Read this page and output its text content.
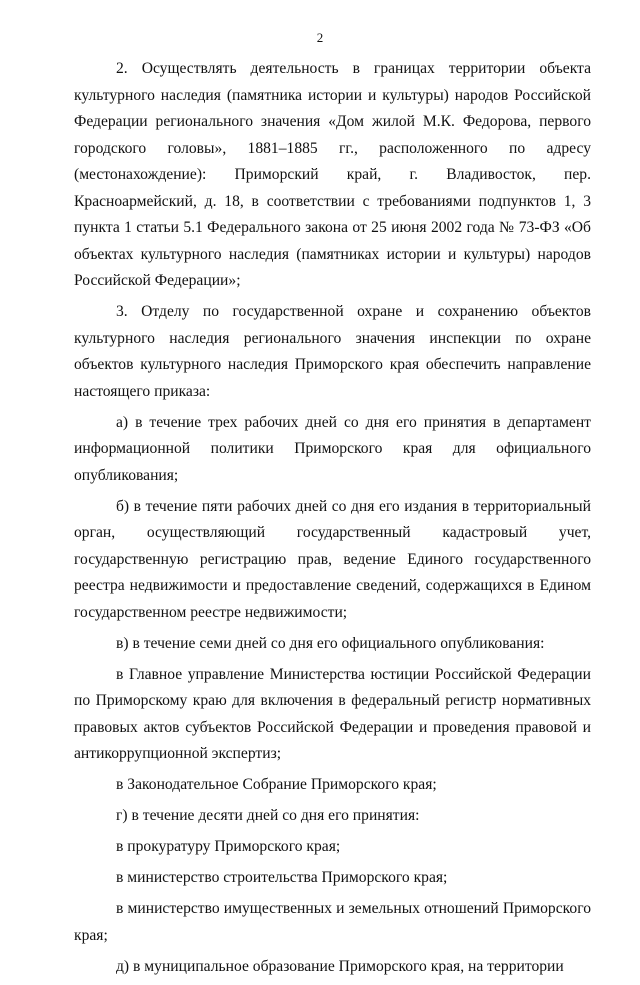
2

2. Осуществлять деятельность в границах территории объекта культурного наследия (памятника истории и культуры) народов Российской Федерации регионального значения «Дом жилой М.К. Федорова, первого городского головы», 1881–1885 гг., расположенного по адресу (местонахождение): Приморский край, г. Владивосток, пер. Красноармейский, д. 18, в соответствии с требованиями подпунктов 1, 3 пункта 1 статьи 5.1 Федерального закона от 25 июня 2002 года № 73-ФЗ «Об объектах культурного наследия (памятниках истории и культуры) народов Российской Федерации»;

3. Отделу по государственной охране и сохранению объектов культурного наследия регионального значения инспекции по охране объектов культурного наследия Приморского края обеспечить направление настоящего приказа:

а) в течение трех рабочих дней со дня его принятия в департамент информационной политики Приморского края для официального опубликования;

б) в течение пяти рабочих дней со дня его издания в территориальный орган, осуществляющий государственный кадастровый учет, государственную регистрацию прав, ведение Единого государственного реестра недвижимости и предоставление сведений, содержащихся в Едином государственном реестре недвижимости;

в) в течение семи дней со дня его официального опубликования:

в Главное управление Министерства юстиции Российской Федерации по Приморскому краю для включения в федеральный регистр нормативных правовых актов субъектов Российской Федерации и проведения правовой и антикоррупционной экспертиз;

в Законодательное Собрание Приморского края;

г) в течение десяти дней со дня его принятия:

в прокуратуру Приморского края;

в министерство строительства Приморского края;

в министерство имущественных и земельных отношений Приморского края;

д) в муниципальное образование Приморского края, на территории
